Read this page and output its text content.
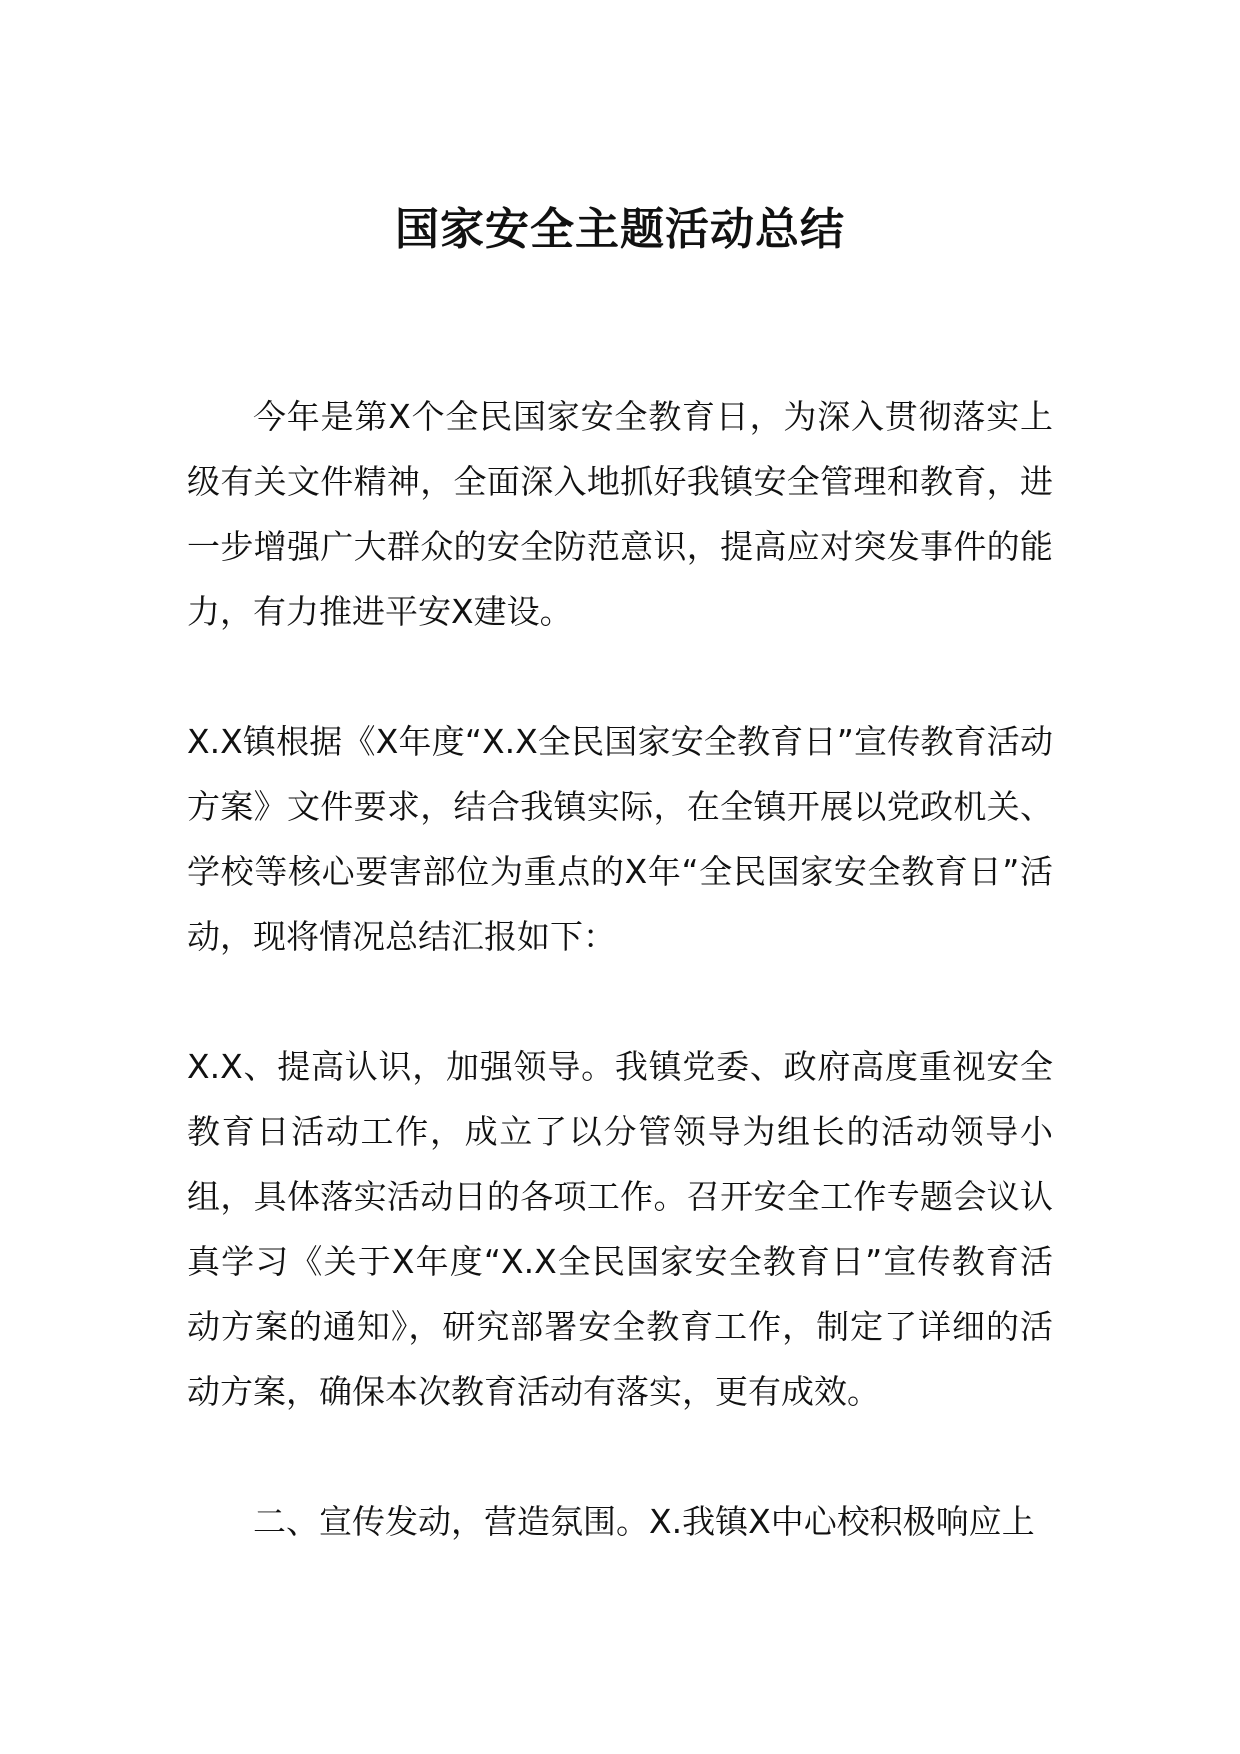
国家安全主题活动总结

今年是第X个全民国家安全教育日，为深入贯彻落实上级有关文件精神，全面深入地抓好我镇安全管理和教育，进一步增强广大群众的安全防范意识，提高应对突发事件的能力，有力推进平安X建设。

X.X镇根据《X年度“X.X全民国家安全教育日”宣传教育活动方案》文件要求，结合我镇实际，在全镇开展以党政机关、学校等核心要害部位为重点的X年“全民国家安全教育日”活动，现将情况总结汇报如下：

X.X、提高认识，加强领导。我镇党委、政府高度重视安全教育日活动工作，成立了以分管领导为组长的活动领导小组，具体落实活动日的各项工作。召开安全工作专题会议认真学习《关于X年度“X.X全民国家安全教育日”宣传教育活动方案的通知》，研究部署安全教育工作，制定了详细的活动方案，确保本次教育活动有落实，更有成效。

二、宣传发动，营造氛围。X.我镇X中心校积极响应上
